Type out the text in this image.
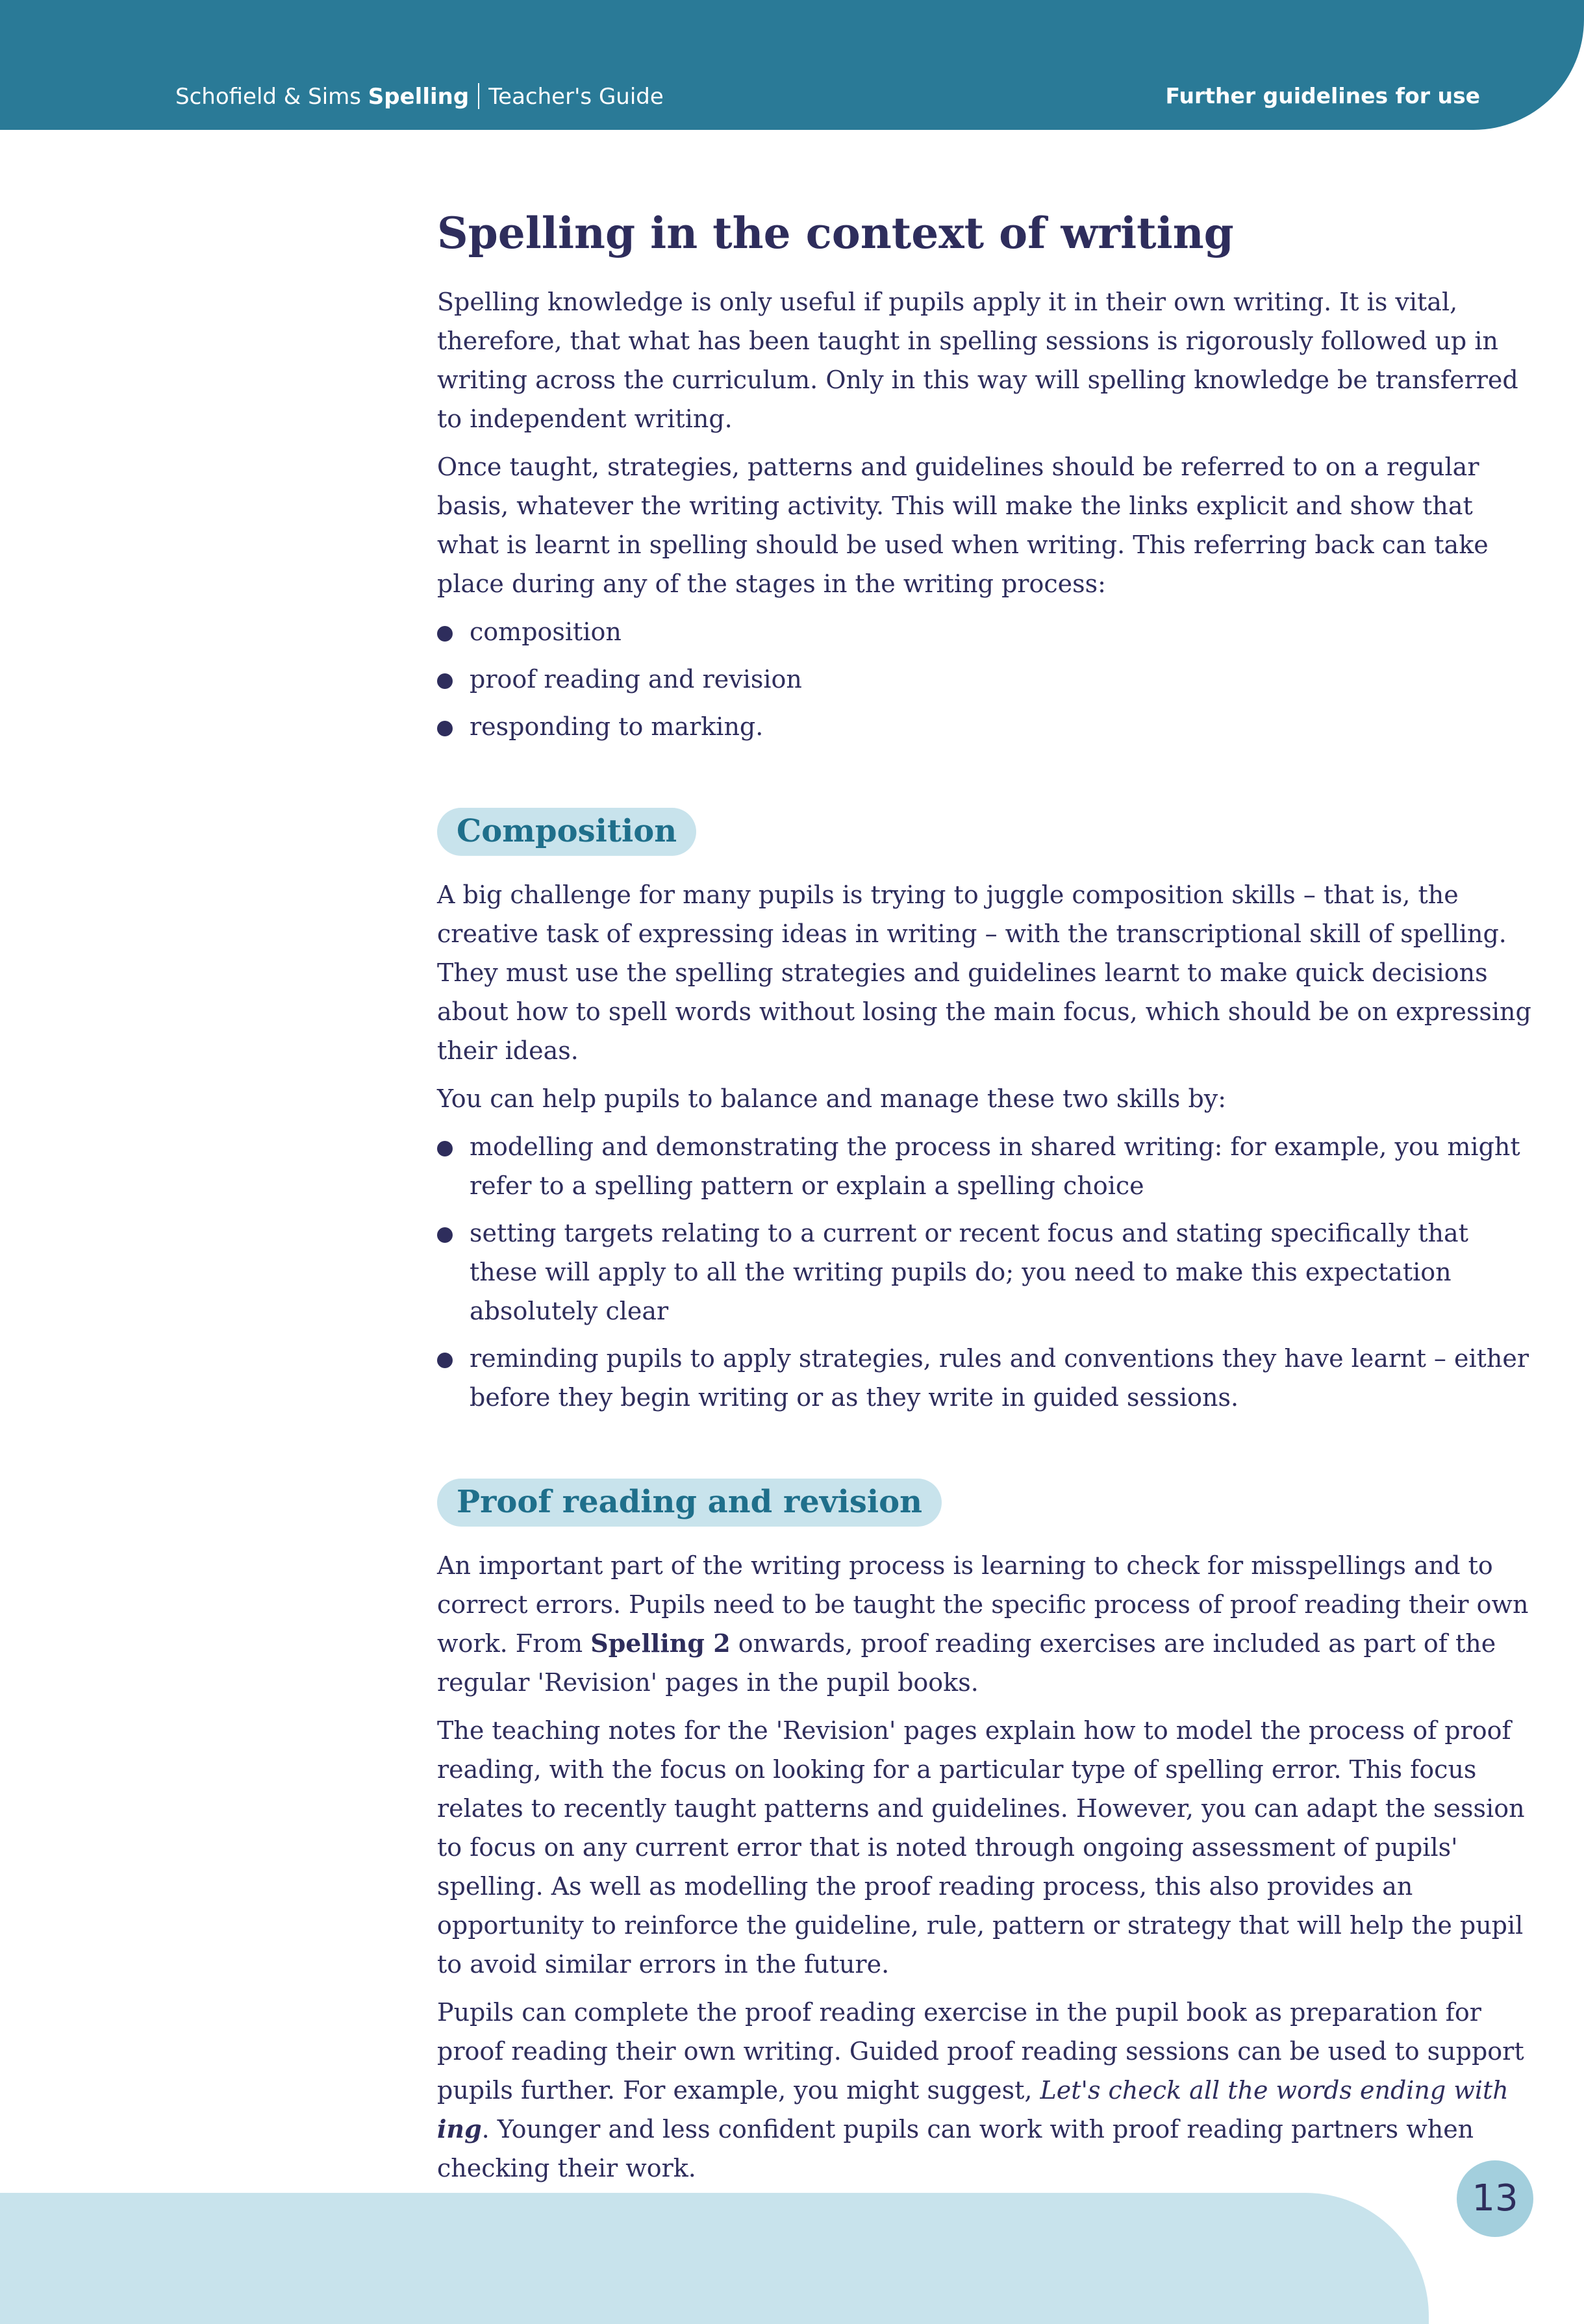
Schofield & Sims Spelling Teacher's Guide	Further guidelines for use
Spelling in the context of writing

Spelling knowledge is only useful if pupils apply it in their own writing. It is vital, therefore, that what has been taught in spelling sessions is rigorously followed up in writing across the curriculum. Only in this way will spelling knowledge be transferred to independent writing.

Once taught, strategies, patterns and guidelines should be referred to on a regular basis, whatever the writing activity. This will make the links explicit and show that what is learnt in spelling should be used when writing. This referring back can take place during any of the stages in the writing process:

composition
proof reading and revision
responding to marking.
Composition

A big challenge for many pupils is trying to juggle composition skills – that is, the creative task of expressing ideas in writing – with the transcriptional skill of spelling. They must use the spelling strategies and guidelines learnt to make quick decisions about how to spell words without losing the main focus, which should be on expressing their ideas.

You can help pupils to balance and manage these two skills by:

modelling and demonstrating the process in shared writing: for example, you might refer to a spelling pattern or explain a spelling choice
setting targets relating to a current or recent focus and stating specifically that these will apply to all the writing pupils do; you need to make this expectation absolutely clear
reminding pupils to apply strategies, rules and conventions they have learnt – either before they begin writing or as they write in guided sessions.
Proof reading and revision

An important part of the writing process is learning to check for misspellings and to correct errors. Pupils need to be taught the specific process of proof reading their own work. From Spelling 2 onwards, proof reading exercises are included as part of the regular 'Revision' pages in the pupil books.

The teaching notes for the 'Revision' pages explain how to model the process of proof reading, with the focus on looking for a particular type of spelling error. This focus relates to recently taught patterns and guidelines. However, you can adapt the session to focus on any current error that is noted through ongoing assessment of pupils' spelling. As well as modelling the proof reading process, this also provides an opportunity to reinforce the guideline, rule, pattern or strategy that will help the pupil to avoid similar errors in the future.

Pupils can complete the proof reading exercise in the pupil book as preparation for proof reading their own writing. Guided proof reading sessions can be used to support pupils further. For example, you might suggest, Let's check all the words ending with ing. Younger and less confident pupils can work with proof reading partners when checking their work.

13
